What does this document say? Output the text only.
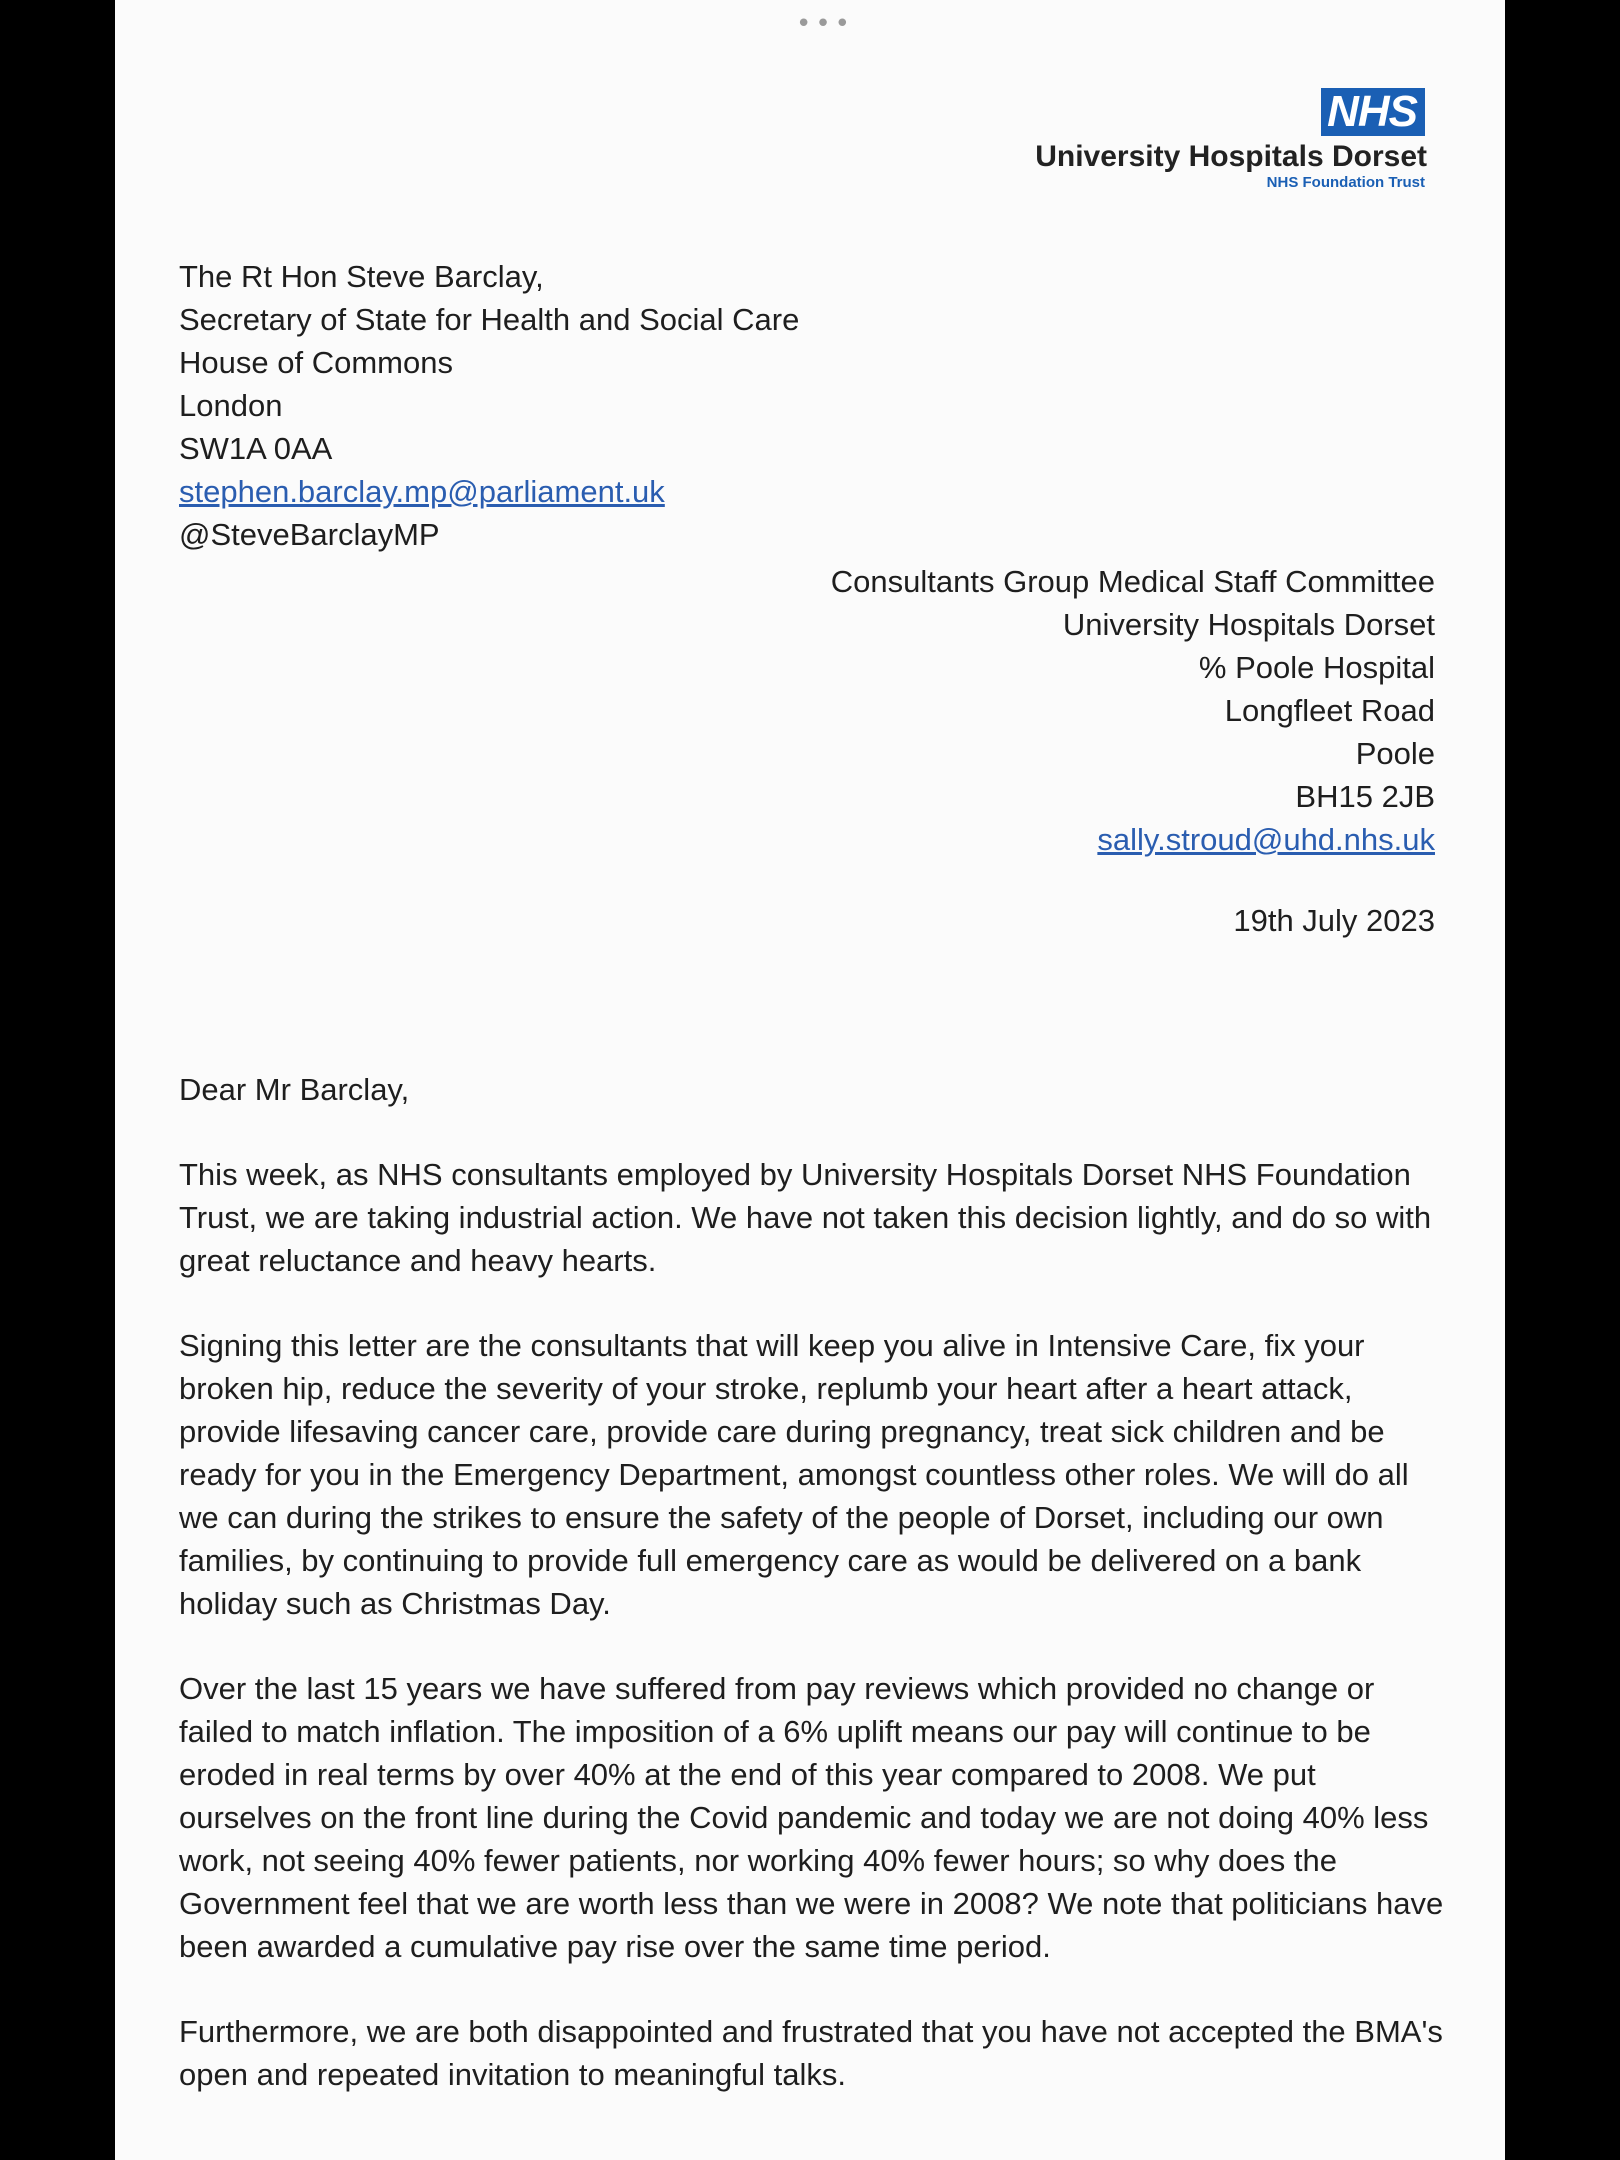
•••
NHS
University Hospitals Dorset
NHS Foundation Trust
The Rt Hon Steve Barclay,
Secretary of State for Health and Social Care
House of Commons
London
SW1A 0AA
stephen.barclay.mp@parliament.uk
@SteveBarclayMP
Consultants Group Medical Staff Committee
University Hospitals Dorset
% Poole Hospital
Longfleet Road
Poole
BH15 2JB
sally.stroud@uhd.nhs.uk
19th July 2023
Dear Mr Barclay,

This week, as NHS consultants employed by University Hospitals Dorset NHS Foundation Trust, we are taking industrial action. We have not taken this decision lightly, and do so with great reluctance and heavy hearts.

Signing this letter are the consultants that will keep you alive in Intensive Care, fix your broken hip, reduce the severity of your stroke, replumb your heart after a heart attack, provide lifesaving cancer care, provide care during pregnancy, treat sick children and be ready for you in the Emergency Department, amongst countless other roles. We will do all we can during the strikes to ensure the safety of the people of Dorset, including our own families, by continuing to provide full emergency care as would be delivered on a bank holiday such as Christmas Day.

Over the last 15 years we have suffered from pay reviews which provided no change or failed to match inflation. The imposition of a 6% uplift means our pay will continue to be eroded in real terms by over 40% at the end of this year compared to 2008. We put ourselves on the front line during the Covid pandemic and today we are not doing 40% less work, not seeing 40% fewer patients, nor working 40% fewer hours; so why does the Government feel that we are worth less than we were in 2008? We note that politicians have been awarded a cumulative pay rise over the same time period.

Furthermore, we are both disappointed and frustrated that you have not accepted the BMA's open and repeated invitation to meaningful talks.
